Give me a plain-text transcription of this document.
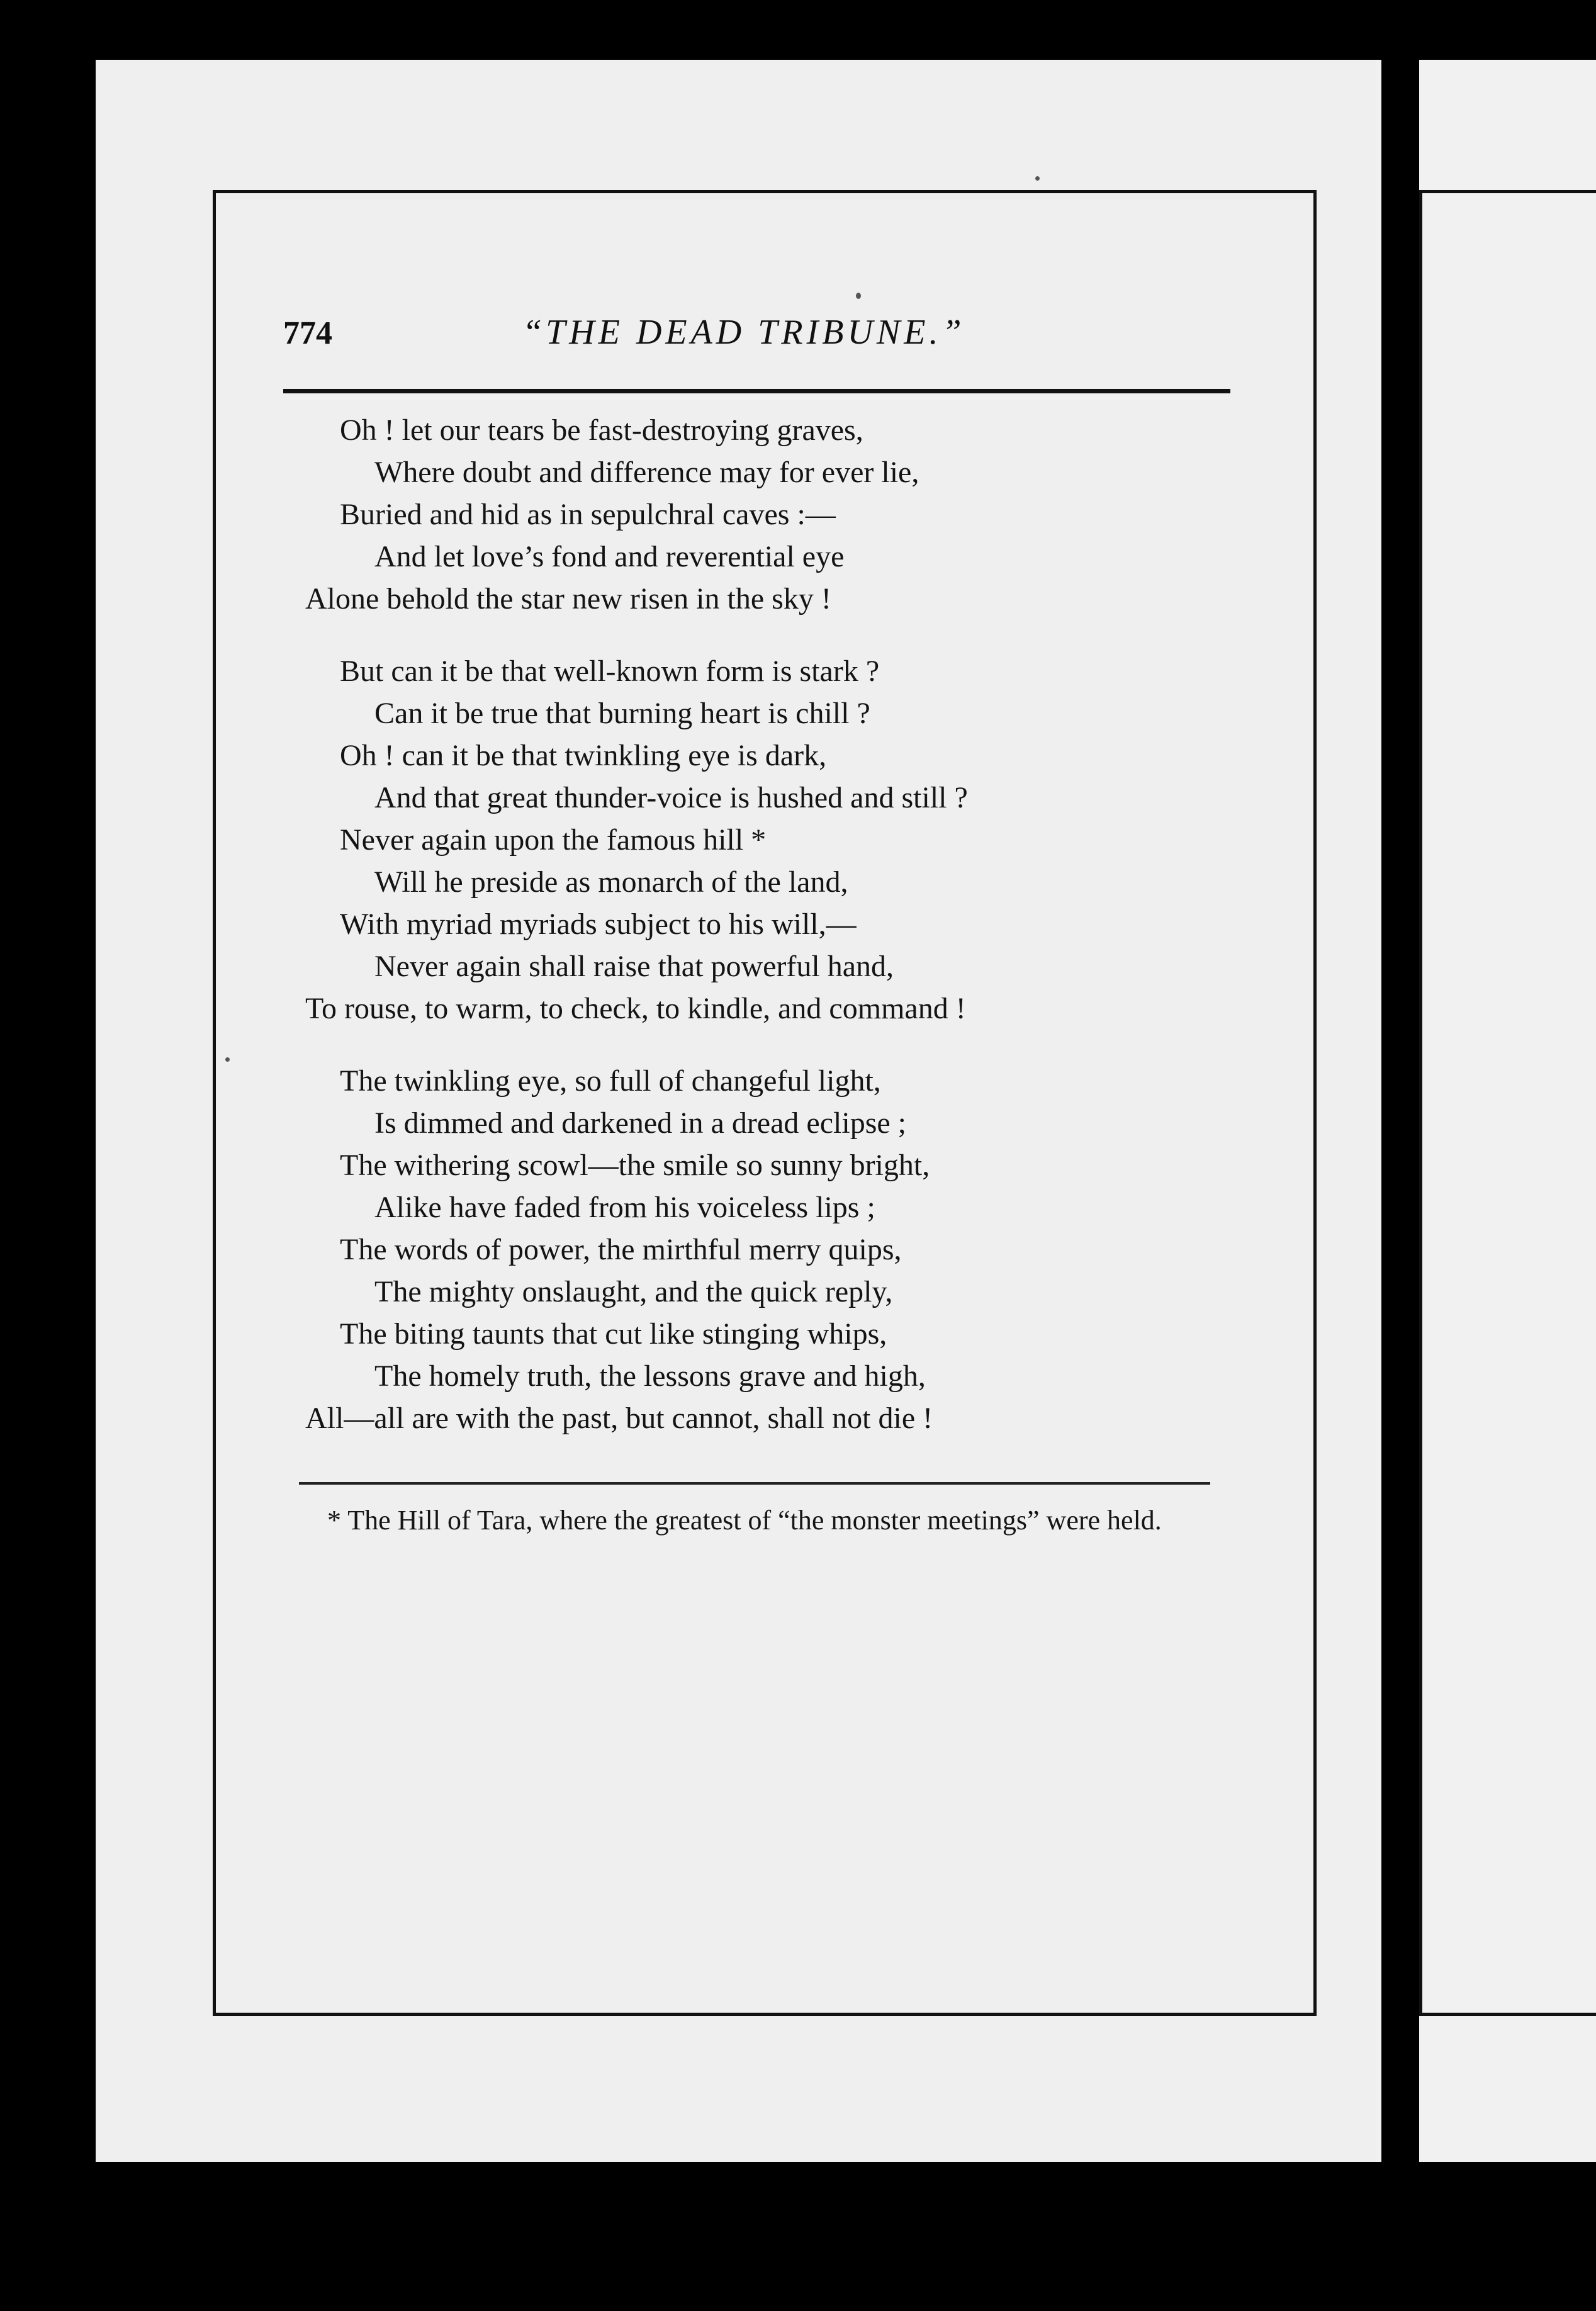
774	“THE DEAD TRIBUNE.”
Oh ! let our tears be fast-destroying graves,
Where doubt and difference may for ever lie,
Buried and hid as in sepulchral caves :—
And let love’s fond and reverential eye
Alone behold the star new risen in the sky !
But can it be that well-known form is stark ?
Can it be true that burning heart is chill ?
Oh ! can it be that twinkling eye is dark,
And that great thunder-voice is hushed and still ?
Never again upon the famous hill *
Will he preside as monarch of the land,
With myriad myriads subject to his will,—
Never again shall raise that powerful hand,
To rouse, to warm, to check, to kindle, and command !
The twinkling eye, so full of changeful light,
Is dimmed and darkened in a dread eclipse ;
The withering scowl—the smile so sunny bright,
Alike have faded from his voiceless lips ;
The words of power, the mirthful merry quips,
The mighty onslaught, and the quick reply,
The biting taunts that cut like stinging whips,
The homely truth, the lessons grave and high,
All—all are with the past, but cannot, shall not die !
* The Hill of Tara, where the greatest of “the monster meetings” were held.
